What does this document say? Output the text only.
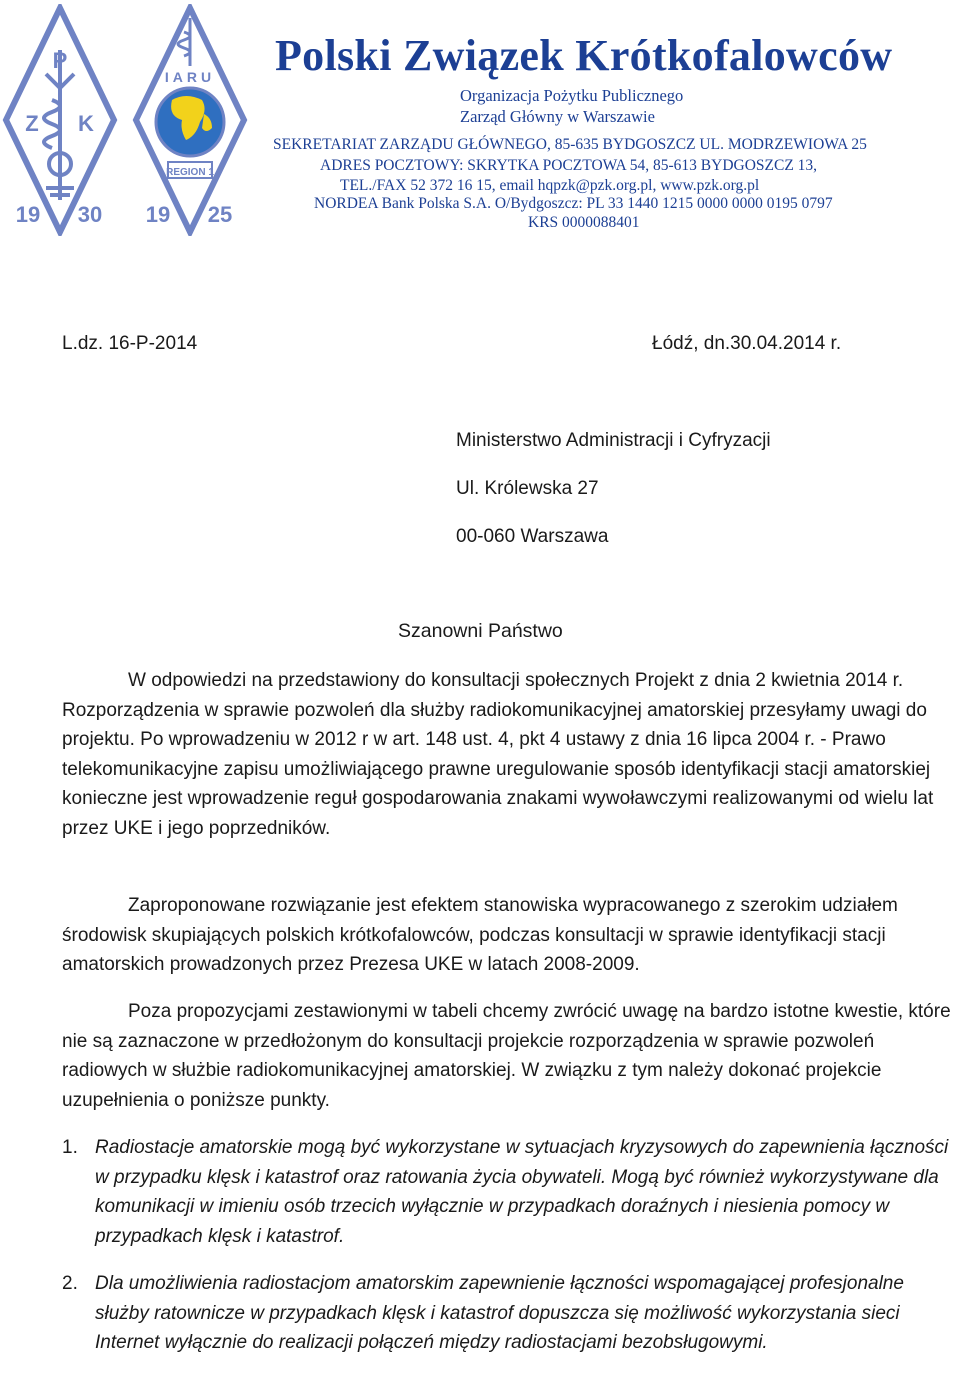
P
Z K
19 30
IARU
REGION 1
19 25
Polski Związek Krótkofalowców
Organizacja Pożytku Publicznego
Zarząd Główny w Warszawie
SEKRETARIAT ZARZĄDU GŁÓWNEGO, 85-635 BYDGOSZCZ UL. MODRZEWIOWA 25
ADRES POCZTOWY: SKRYTKA POCZTOWA 54, 85-613 BYDGOSZCZ 13,
TEL./FAX 52 372 16 15, email hqpzk@pzk.org.pl, www.pzk.org.pl
NORDEA Bank Polska S.A. O/Bydgoszcz: PL 33 1440 1215 0000 0000 0195 0797
KRS 0000088401
L.dz. 16-P-2014	Łódź, dn.30.04.2014 r.
Ministerstwo Administracji i Cyfryzacji
Ul. Królewska 27
00-060 Warszawa
Szanowni Państwo

W odpowiedzi na przedstawiony do konsultacji społecznych Projekt z dnia 2 kwietnia 2014 r. Rozporządzenia w sprawie pozwoleń dla służby radiokomunikacyjnej amatorskiej przesyłamy uwagi do projektu. Po wprowadzeniu w 2012 r w art. 148 ust. 4, pkt 4 ustawy z dnia 16 lipca 2004 r. - Prawo telekomunikacyjne zapisu umożliwiającego prawne uregulowanie sposób identyfikacji stacji amatorskiej konieczne jest wprowadzenie reguł gospodarowania znakami wywoławczymi realizowanymi od wielu lat przez UKE i jego poprzedników.

Zaproponowane rozwiązanie jest efektem stanowiska wypracowanego z szerokim udziałem środowisk skupiających polskich krótkofalowców, podczas konsultacji w sprawie identyfikacji stacji amatorskich prowadzonych przez Prezesa UKE w latach 2008-2009.

Poza propozycjami zestawionymi w tabeli chcemy zwrócić uwagę na bardzo istotne kwestie, które nie są zaznaczone w przedłożonym do konsultacji projekcie rozporządzenia w sprawie pozwoleń radiowych w służbie radiokomunikacyjnej amatorskiej. W związku z tym należy dokonać projekcie uzupełnienia o poniższe punkty.

1. Radiostacje amatorskie mogą być wykorzystane w sytuacjach kryzysowych do zapewnienia łączności w przypadku klęsk i katastrof oraz ratowania życia obywateli. Mogą być również wykorzystywane dla komunikacji w imieniu osób trzecich wyłącznie w przypadkach doraźnych i niesienia pomocy w przypadkach klęsk i katastrof.
2. Dla umożliwienia radiostacjom amatorskim zapewnienie łączności wspomagającej profesjonalne służby ratownicze w przypadkach klęsk i katastrof dopuszcza się możliwość wykorzystania sieci Internet wyłącznie do realizacji połączeń między radiostacjami bezobsługowymi.
